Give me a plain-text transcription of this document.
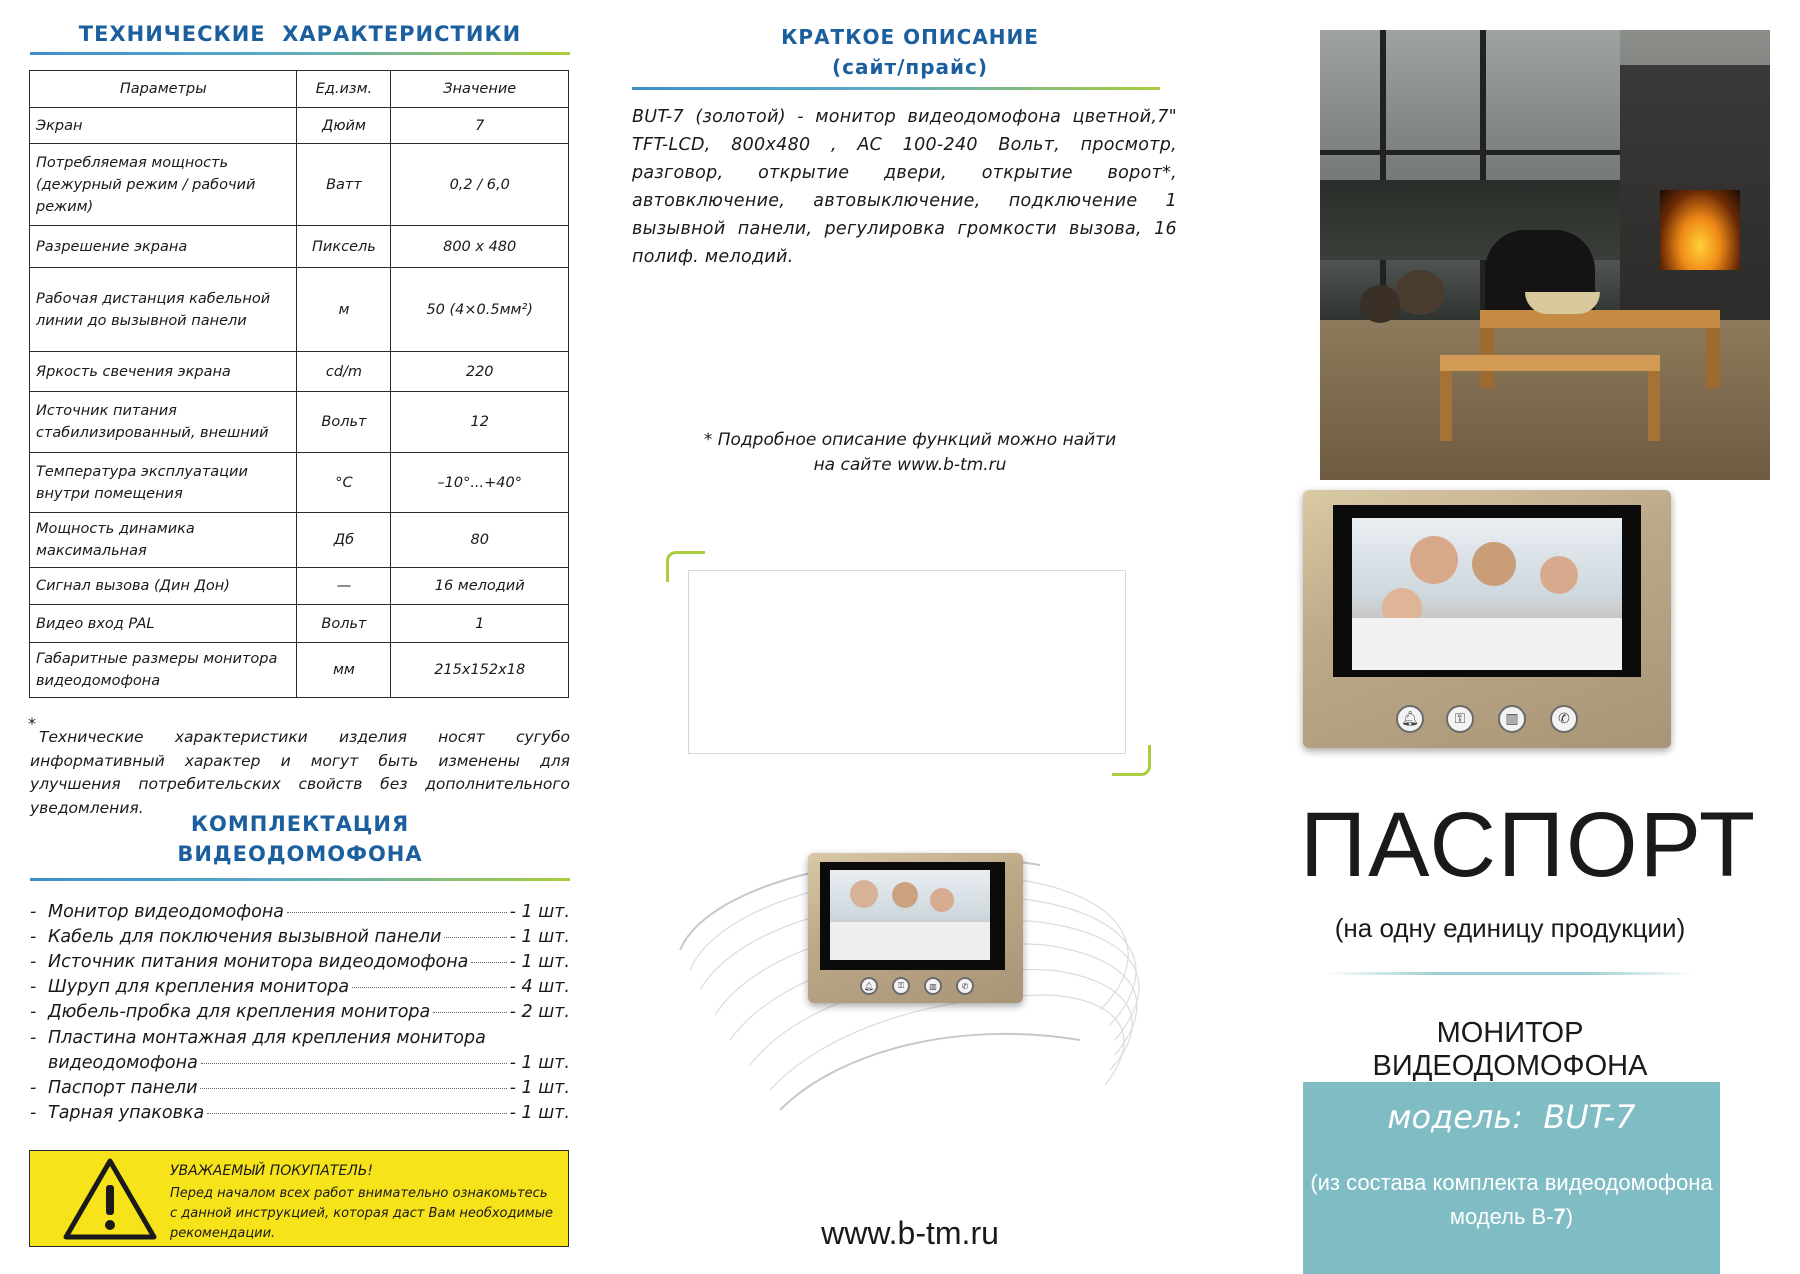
ТЕХНИЧЕСКИЕ  ХАРАКТЕРИСТИКИ
Параметры	Ед.изм.	Значение
Экран	Дюйм	7
Потребляемая мощность (дежурный режим / рабочий режим)	Ватт	0,2 / 6,0
Разрешение экрана	Пиксель	800 х 480
Рабочая дистанция кабельной линии до вызывной панели	м	50 (4×0.5мм²)
Яркость свечения экрана	cd/m	220
Источник питания стабилизированный, внешний	Вольт	12
Температура эксплуатации внутри помещения	°C	–10°...+40°
Мощность динамика максимальная	Дб	80
Сигнал вызова (Дин Дон)	—	16 мелодий
Видео вход PAL	Вольт	1
Габаритные размеры монитора видеодомофона	мм	215х152х18
*
Технические характеристики изделия носят сугубо информативный характер и могут быть изменены для улучшения потребительских свойств без дополнительного уведомления.
КОМПЛЕКТАЦИЯ
ВИДЕОДОМОФОНА
- Монитор видеодомофона	- 1 шт.
- Кабель для поключения вызывной панели	- 1 шт.
- Источник питания монитора видеодомофона - 1 шт.
- Шуруп для крепления монитора	- 4 шт.
- Дюбель-пробка для крепления монитора	- 2 шт.
- Пластина монтажная для крепления монитора
видеодомофона	- 1 шт.
- Паспорт панели	- 1 шт.
- Тарная упаковка	- 1 шт.
УВАЖАЕМЫЙ ПОКУПАТЕЛЬ!
Перед началом всех работ внимательно ознакомьтесь с данной инструкцией, которая даст Вам необходимые рекомендации.
КРАТКОЕ ОПИСАНИЕ
(сайт/прайс)
BUT-7 (золотой) - монитор видеодомофона цветной,7" TFT-LCD, 800х480 , АС 100-240 Вольт, просмотр, разговор, открытие двери, открытие ворот*, автовключение, автовыключение, подключение 1 вызывной панели, регулировка громкости вызова, 16 полиф. мелодий.
* Подробное описание функций можно найти
на сайте www.b-tm.ru
🔔︎	⚿	▥	✆
www.b-tm.ru
🔔︎	⚿	▥	✆
ПАСПОРТ
(на одну единицу продукции)
МОНИТОР ВИДЕОДОМОФОНА
модель:  BUT-7
(из состава комплекта видеодомофона
модель В-7)
